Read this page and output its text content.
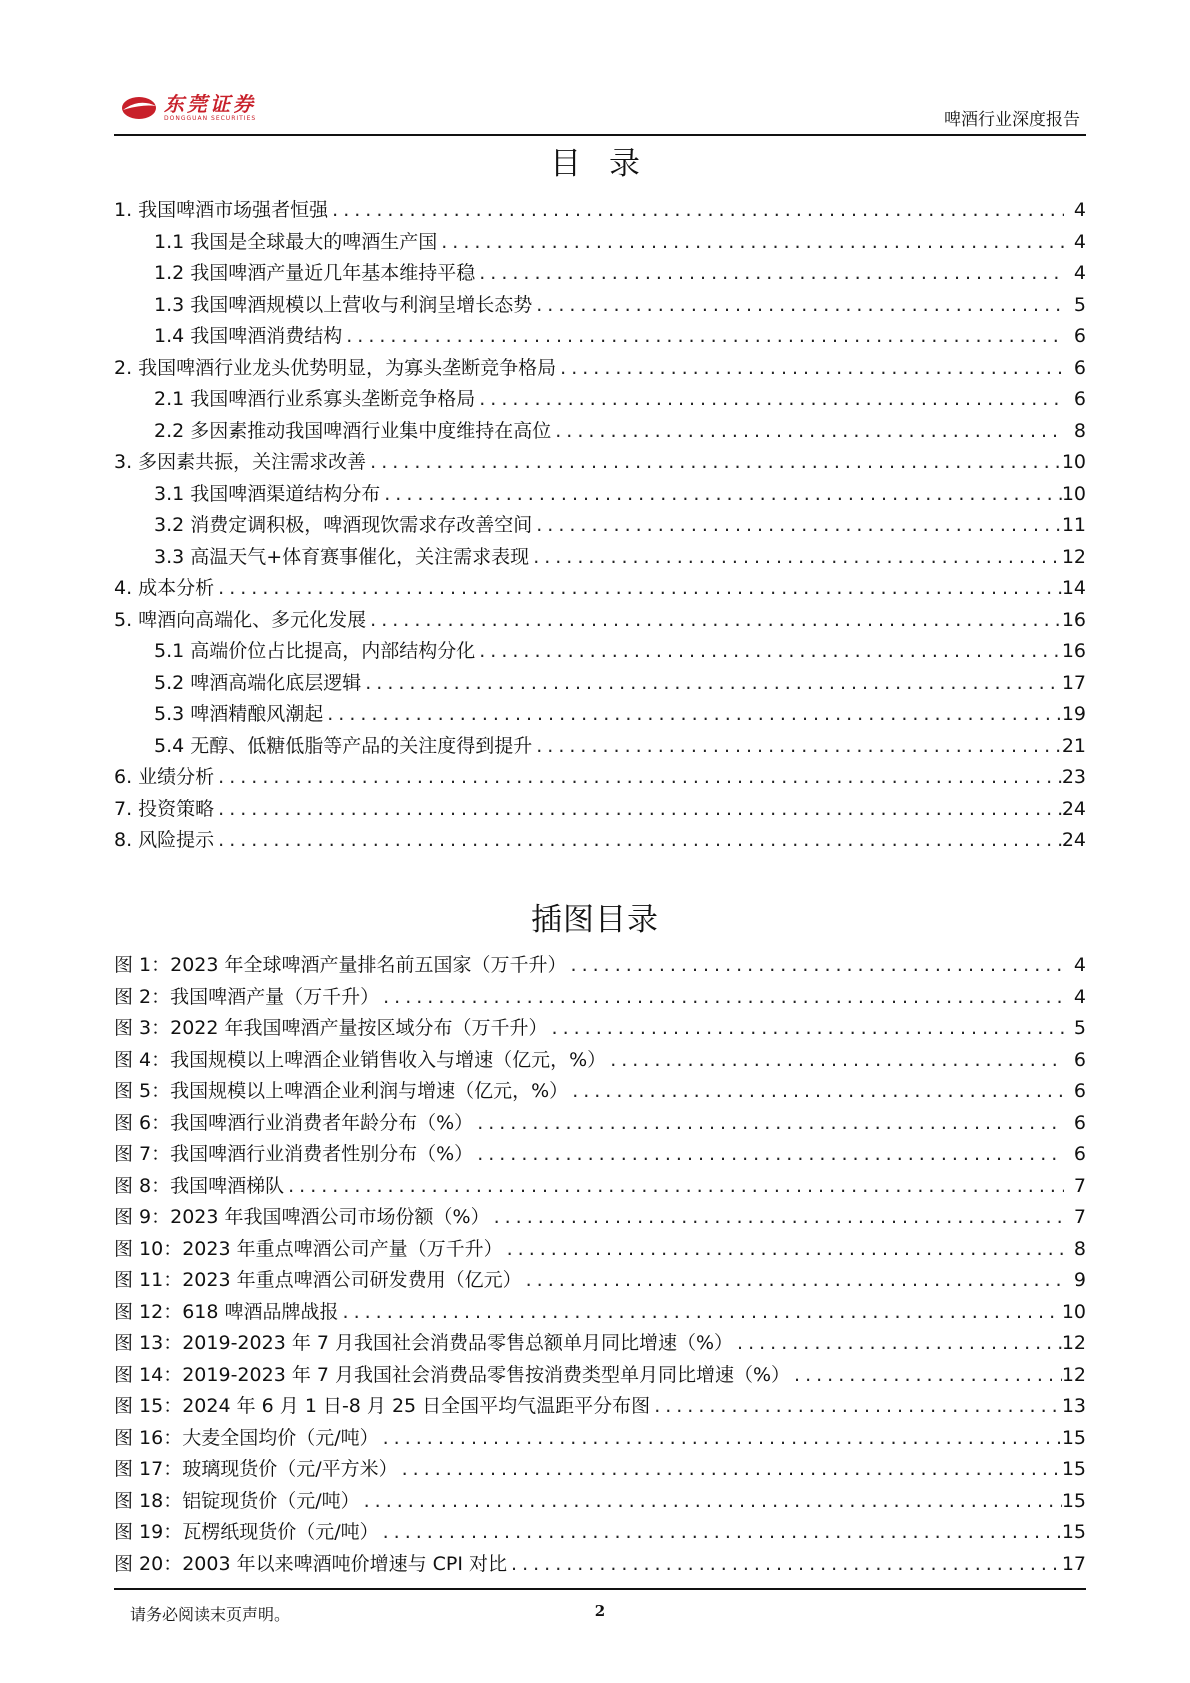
东莞证券
DONGGUAN SECURITIES	啤酒行业深度报告
目录
1. 我国啤酒市场强者恒强 .....	4
1.1 我国是全球最大的啤酒生产国 .....	4
1.2 我国啤酒产量近几年基本维持平稳 .....	4
1.3 我国啤酒规模以上营收与利润呈增长态势 .....	5
1.4 我国啤酒消费结构 .....	6
2. 我国啤酒行业龙头优势明显，为寡头垄断竞争格局 .....	6
2.1 我国啤酒行业系寡头垄断竞争格局 .....	6
2.2 多因素推动我国啤酒行业集中度维持在高位 .....	8
3. 多因素共振，关注需求改善 .....	10
3.1 我国啤酒渠道结构分布 .....	10
3.2 消费定调积极，啤酒现饮需求存改善空间 .....	11
3.3 高温天气+体育赛事催化，关注需求表现 .....	12
4. 成本分析 .....	14
5. 啤酒向高端化、多元化发展 .....	16
5.1 高端价位占比提高，内部结构分化 .....	16
5.2 啤酒高端化底层逻辑 .....	17
5.3 啤酒精酿风潮起 .....	19
5.4 无醇、低糖低脂等产品的关注度得到提升 .....	21
6. 业绩分析 .....	23
7. 投资策略 .....	24
8. 风险提示 .....	24
插图目录
图 1：2023 年全球啤酒产量排名前五国家（万千升） .....	4
图 2：我国啤酒产量（万千升） .....	4
图 3：2022 年我国啤酒产量按区域分布（万千升） .....	5
图 4：我国规模以上啤酒企业销售收入与增速（亿元，%） .....	6
图 5：我国规模以上啤酒企业利润与增速（亿元，%） .....	6
图 6：我国啤酒行业消费者年龄分布（%） .....	6
图 7：我国啤酒行业消费者性别分布（%） .....	6
图 8：我国啤酒梯队 .....	7
图 9：2023 年我国啤酒公司市场份额（%） .....	7
图 10：2023 年重点啤酒公司产量（万千升） .....	8
图 11：2023 年重点啤酒公司研发费用（亿元） .....	9
图 12：618 啤酒品牌战报 .....	10
图 13：2019-2023 年 7 月我国社会消费品零售总额单月同比增速（%） .....	12
图 14：2019-2023 年 7 月我国社会消费品零售按消费类型单月同比增速（%） .....	12
图 15：2024 年 6 月 1 日-8 月 25 日全国平均气温距平分布图 .....	13
图 16：大麦全国均价（元/吨） .....	15
图 17：玻璃现货价（元/平方米） .....	15
图 18：铝锭现货价（元/吨） .....	15
图 19：瓦楞纸现货价（元/吨） .....	15
图 20：2003 年以来啤酒吨价增速与 CPI 对比 .....	17
请务必阅读末页声明。	2
